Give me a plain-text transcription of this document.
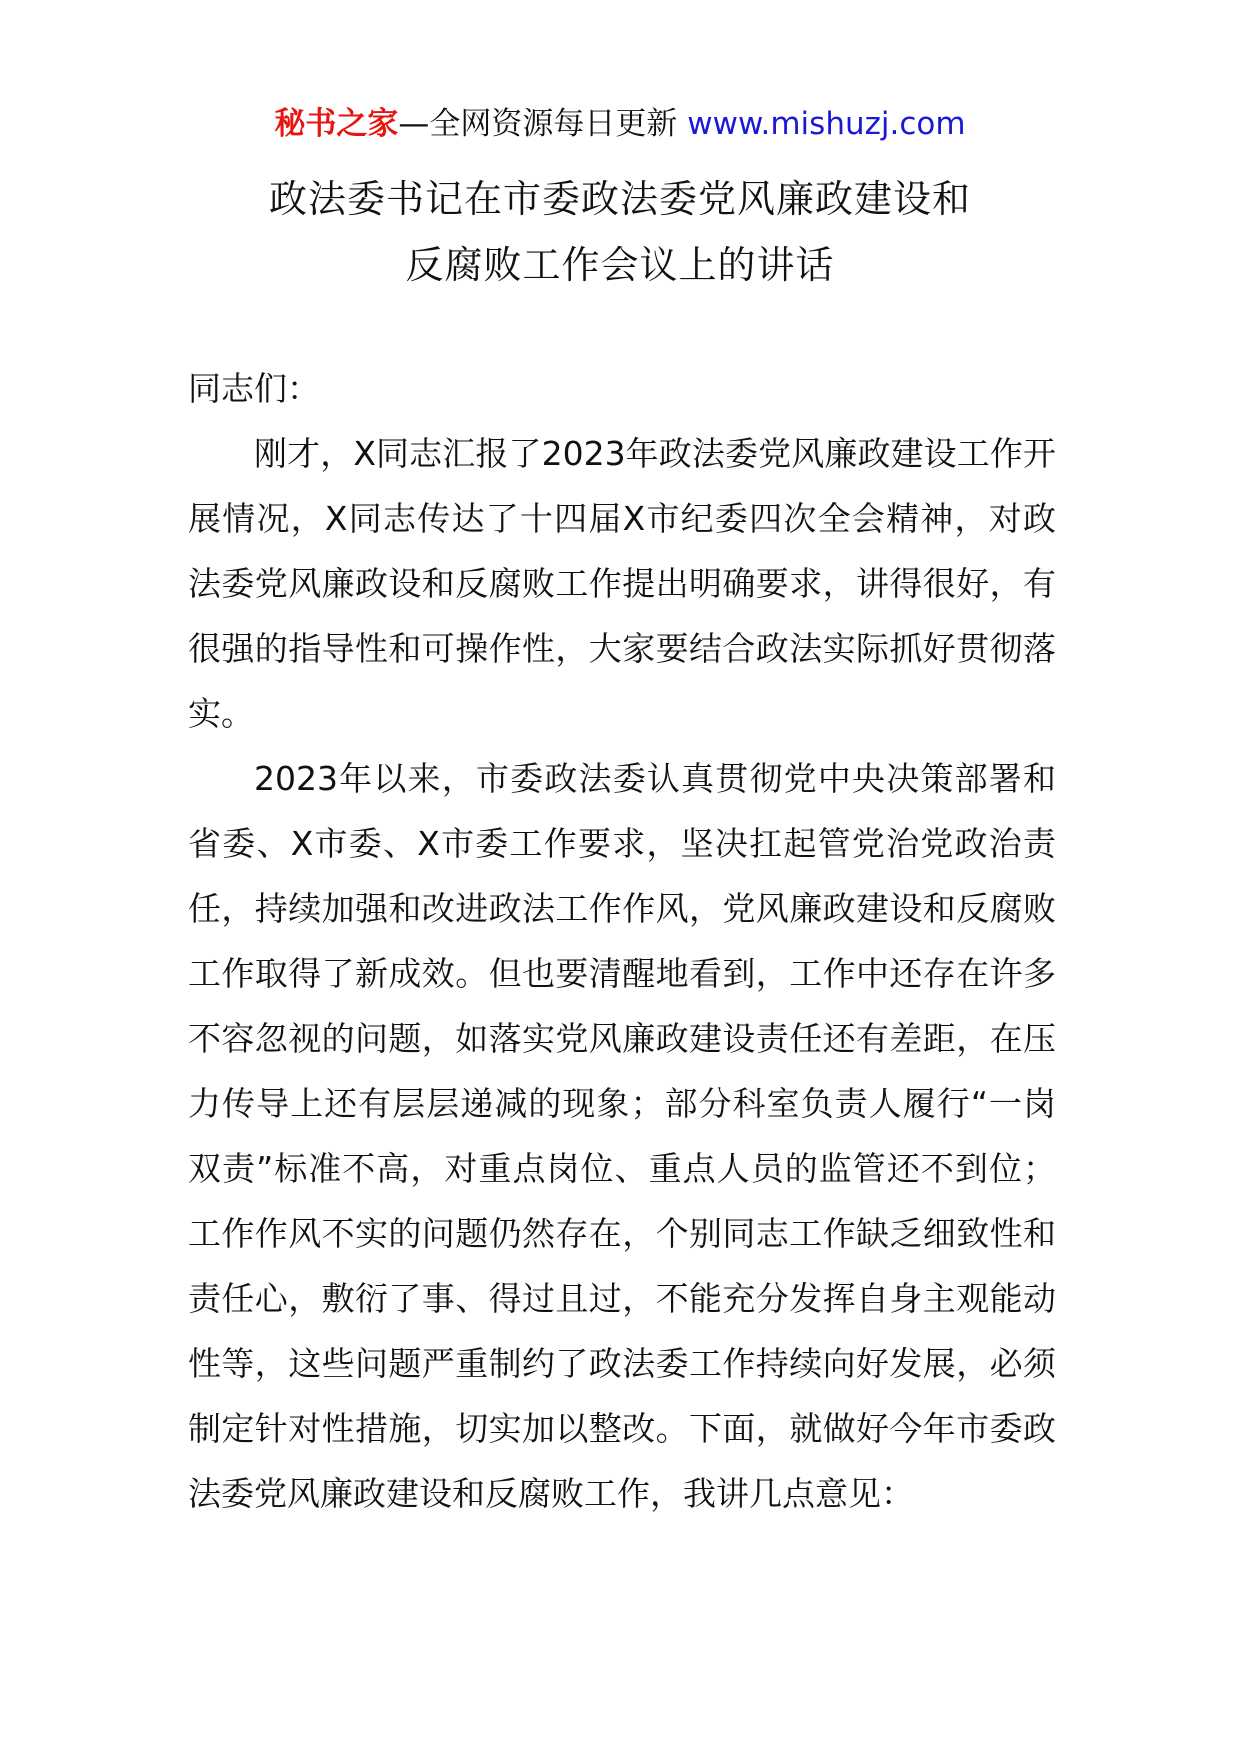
秘书之家—全网资源每日更新 www.mishuzj.com
政法委书记在市委政法委党风廉政建设和
反腐败工作会议上的讲话

同志们：

刚才，X同志汇报了2023年政法委党风廉政建设工作开展情况，X同志传达了十四届X市纪委四次全会精神，对政法委党风廉政设和反腐败工作提出明确要求，讲得很好，有很强的指导性和可操作性，大家要结合政法实际抓好贯彻落实。

2023年以来，市委政法委认真贯彻党中央决策部署和省委、X市委、X市委工作要求，坚决扛起管党治党政治责任，持续加强和改进政法工作作风，党风廉政建设和反腐败工作取得了新成效。但也要清醒地看到，工作中还存在许多不容忽视的问题，如落实党风廉政建设责任还有差距，在压力传导上还有层层递减的现象；部分科室负责人履行“一岗双责”标准不高，对重点岗位、重点人员的监管还不到位；工作作风不实的问题仍然存在，个别同志工作缺乏细致性和责任心，敷衍了事、得过且过，不能充分发挥自身主观能动性等，这些问题严重制约了政法委工作持续向好发展，必须制定针对性措施，切实加以整改。下面，就做好今年市委政法委党风廉政建设和反腐败工作，我讲几点意见：
